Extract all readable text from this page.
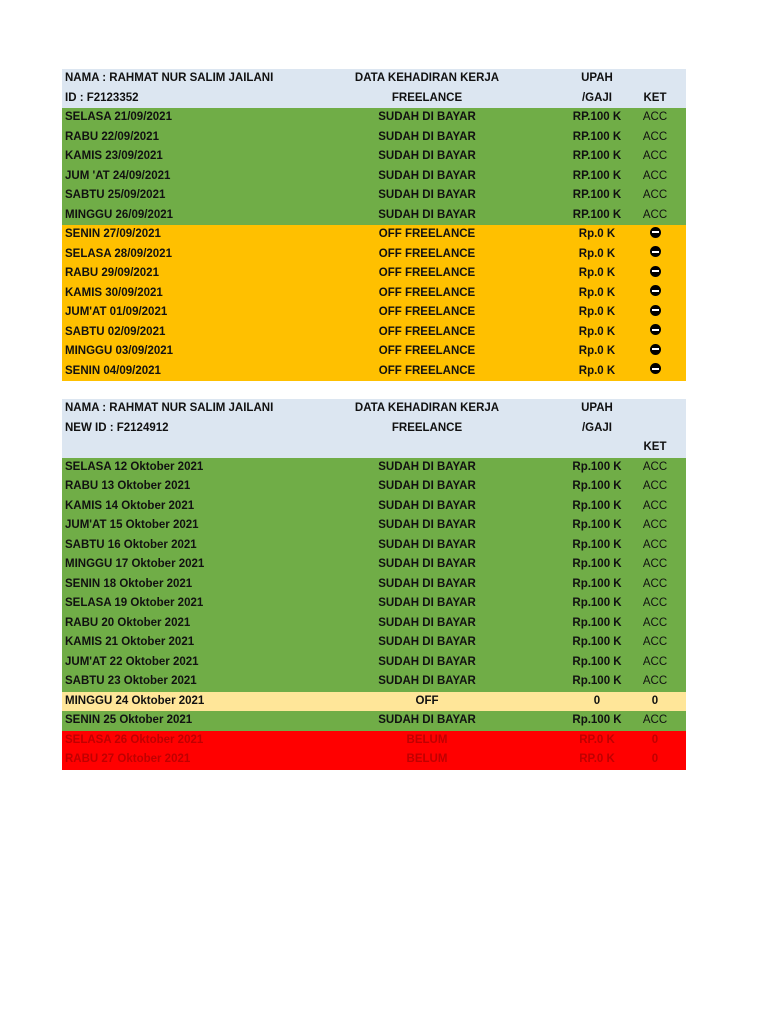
NAMA : RAHMAT NUR SALIM JAILANI	DATA KEHADIRAN KERJA	UPAH
ID : F2123352	FREELANCE	/GAJI	KET
SELASA 21/09/2021	SUDAH DI BAYAR	RP.100 K	ACC
RABU 22/09/2021	SUDAH DI BAYAR	RP.100 K	ACC
KAMIS 23/09/2021	SUDAH DI BAYAR	RP.100 K	ACC
JUM 'AT 24/09/2021	SUDAH DI BAYAR	RP.100 K	ACC
SABTU 25/09/2021	SUDAH DI BAYAR	RP.100 K	ACC
MINGGU 26/09/2021	SUDAH DI BAYAR	RP.100 K	ACC
SENIN 27/09/2021	OFF FREELANCE	Rp.0 K
SELASA 28/09/2021	OFF FREELANCE	Rp.0 K
RABU 29/09/2021	OFF FREELANCE	Rp.0 K
KAMIS 30/09/2021	OFF FREELANCE	Rp.0 K
JUM'AT 01/09/2021	OFF FREELANCE	Rp.0 K
SABTU 02/09/2021	OFF FREELANCE	Rp.0 K
MINGGU 03/09/2021	OFF FREELANCE	Rp.0 K
SENIN 04/09/2021	OFF FREELANCE	Rp.0 K
NAMA : RAHMAT NUR SALIM JAILANI	DATA KEHADIRAN KERJA	UPAH
NEW ID : F2124912	FREELANCE	/GAJI
KET
SELASA 12 Oktober 2021	SUDAH DI BAYAR	Rp.100 K	ACC
RABU 13 Oktober 2021	SUDAH DI BAYAR	Rp.100 K	ACC
KAMIS 14 Oktober 2021	SUDAH DI BAYAR	Rp.100 K	ACC
JUM'AT 15 Oktober 2021	SUDAH DI BAYAR	Rp.100 K	ACC
SABTU 16 Oktober 2021	SUDAH DI BAYAR	Rp.100 K	ACC
MINGGU 17 Oktober 2021	SUDAH DI BAYAR	Rp.100 K	ACC
SENIN 18 Oktober 2021	SUDAH DI BAYAR	Rp.100 K	ACC
SELASA 19 Oktober 2021	SUDAH DI BAYAR	Rp.100 K	ACC
RABU 20 Oktober 2021	SUDAH DI BAYAR	Rp.100 K	ACC
KAMIS 21 Oktober 2021	SUDAH DI BAYAR	Rp.100 K	ACC
JUM'AT 22 Oktober 2021	SUDAH DI BAYAR	Rp.100 K	ACC
SABTU 23 Oktober 2021	SUDAH DI BAYAR	Rp.100 K	ACC
MINGGU 24 Oktober 2021	OFF	0	0
SENIN 25 Oktober 2021	SUDAH DI BAYAR	Rp.100 K	ACC
SELASA 26 Oktober 2021	BELUM	RP.0 K	0
RABU 27 Oktober 2021	BELUM	RP.0 K	0
